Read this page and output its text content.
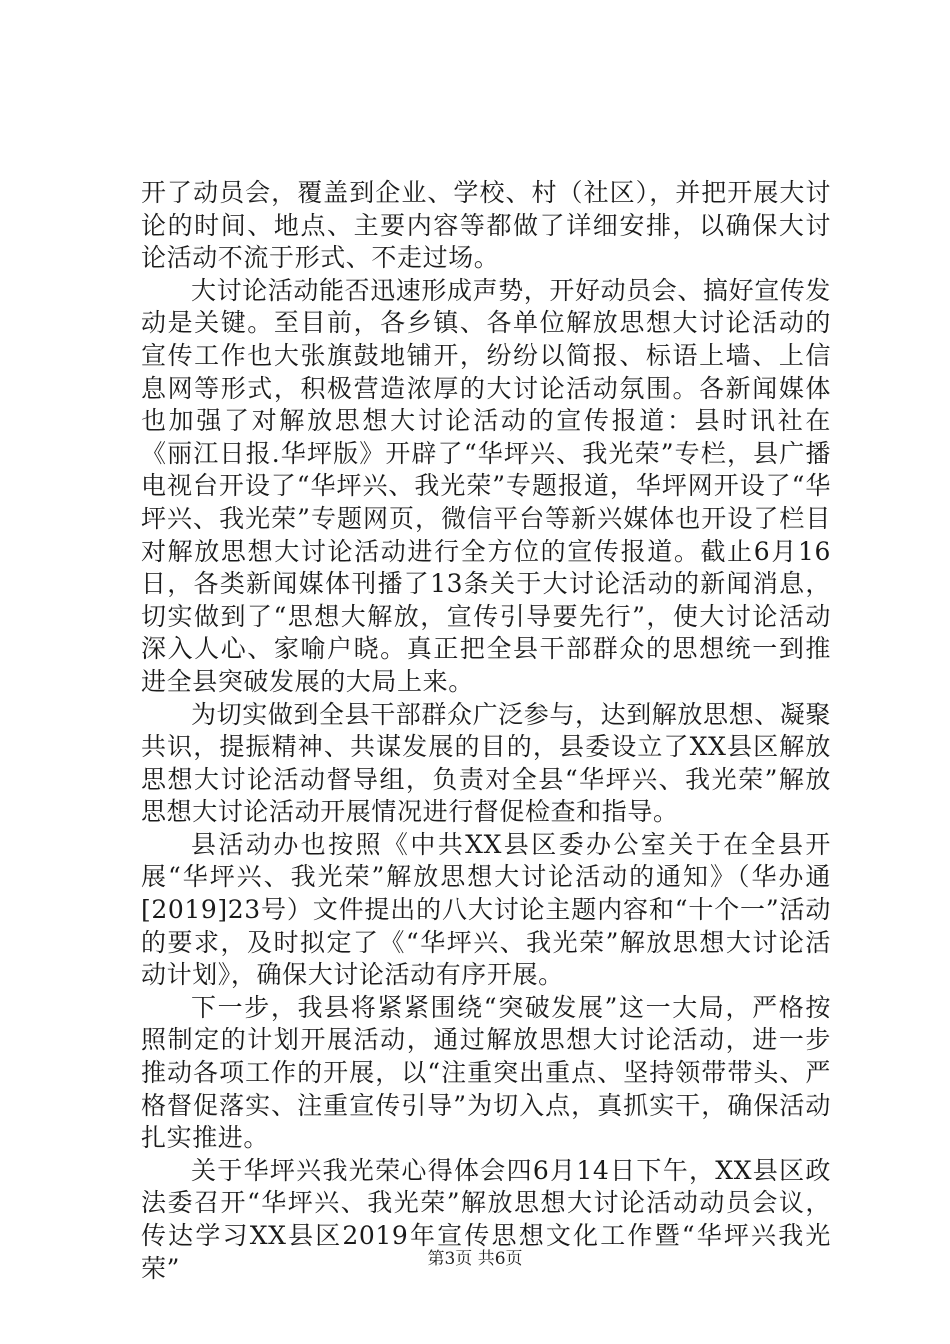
开了动员会，覆盖到企业、学校、村（社区），并把开展大讨论的时间、地点、主要内容等都做了详细安排，以确保大讨论活动不流于形式、不走过场。

大讨论活动能否迅速形成声势，开好动员会、搞好宣传发动是关键。至目前，各乡镇、各单位解放思想大讨论活动的宣传工作也大张旗鼓地铺开，纷纷以简报、标语上墙、上信息网等形式，积极营造浓厚的大讨论活动氛围。各新闻媒体也加强了对解放思想大讨论活动的宣传报道：县时讯社在《丽江日报.华坪版》开辟了“华坪兴、我光荣”专栏，县广播电视台开设了“华坪兴、我光荣”专题报道，华坪网开设了“华坪兴、我光荣”专题网页，微信平台等新兴媒体也开设了栏目对解放思想大讨论活动进行全方位的宣传报道。截止6月16日，各类新闻媒体刊播了13条关于大讨论活动的新闻消息，切实做到了“思想大解放，宣传引导要先行”，使大讨论活动深入人心、家喻户晓。真正把全县干部群众的思想统一到推进全县突破发展的大局上来。

为切实做到全县干部群众广泛参与，达到解放思想、凝聚共识，提振精神、共谋发展的目的，县委设立了XX县区解放思想大讨论活动督导组，负责对全县“华坪兴、我光荣”解放思想大讨论活动开展情况进行督促检查和指导。

县活动办也按照《中共XX县区委办公室关于在全县开展“华坪兴、我光荣”解放思想大讨论活动的通知》（华办通[2019]23号）文件提出的八大讨论主题内容和“十个一”活动的要求，及时拟定了《“华坪兴、我光荣”解放思想大讨论活动计划》，确保大讨论活动有序开展。

下一步，我县将紧紧围绕“突破发展”这一大局，严格按照制定的计划开展活动，通过解放思想大讨论活动，进一步推动各项工作的开展，以“注重突出重点、坚持领带带头、严格督促落实、注重宣传引导”为切入点，真抓实干，确保活动扎实推进。

关于华坪兴我光荣心得体会四6月14日下午，XX县区政法委召开“华坪兴、我光荣”解放思想大讨论活动动员会议，传达学习XX县区2019年宣传思想文化工作暨“华坪兴我光荣”	第3页 共6页
